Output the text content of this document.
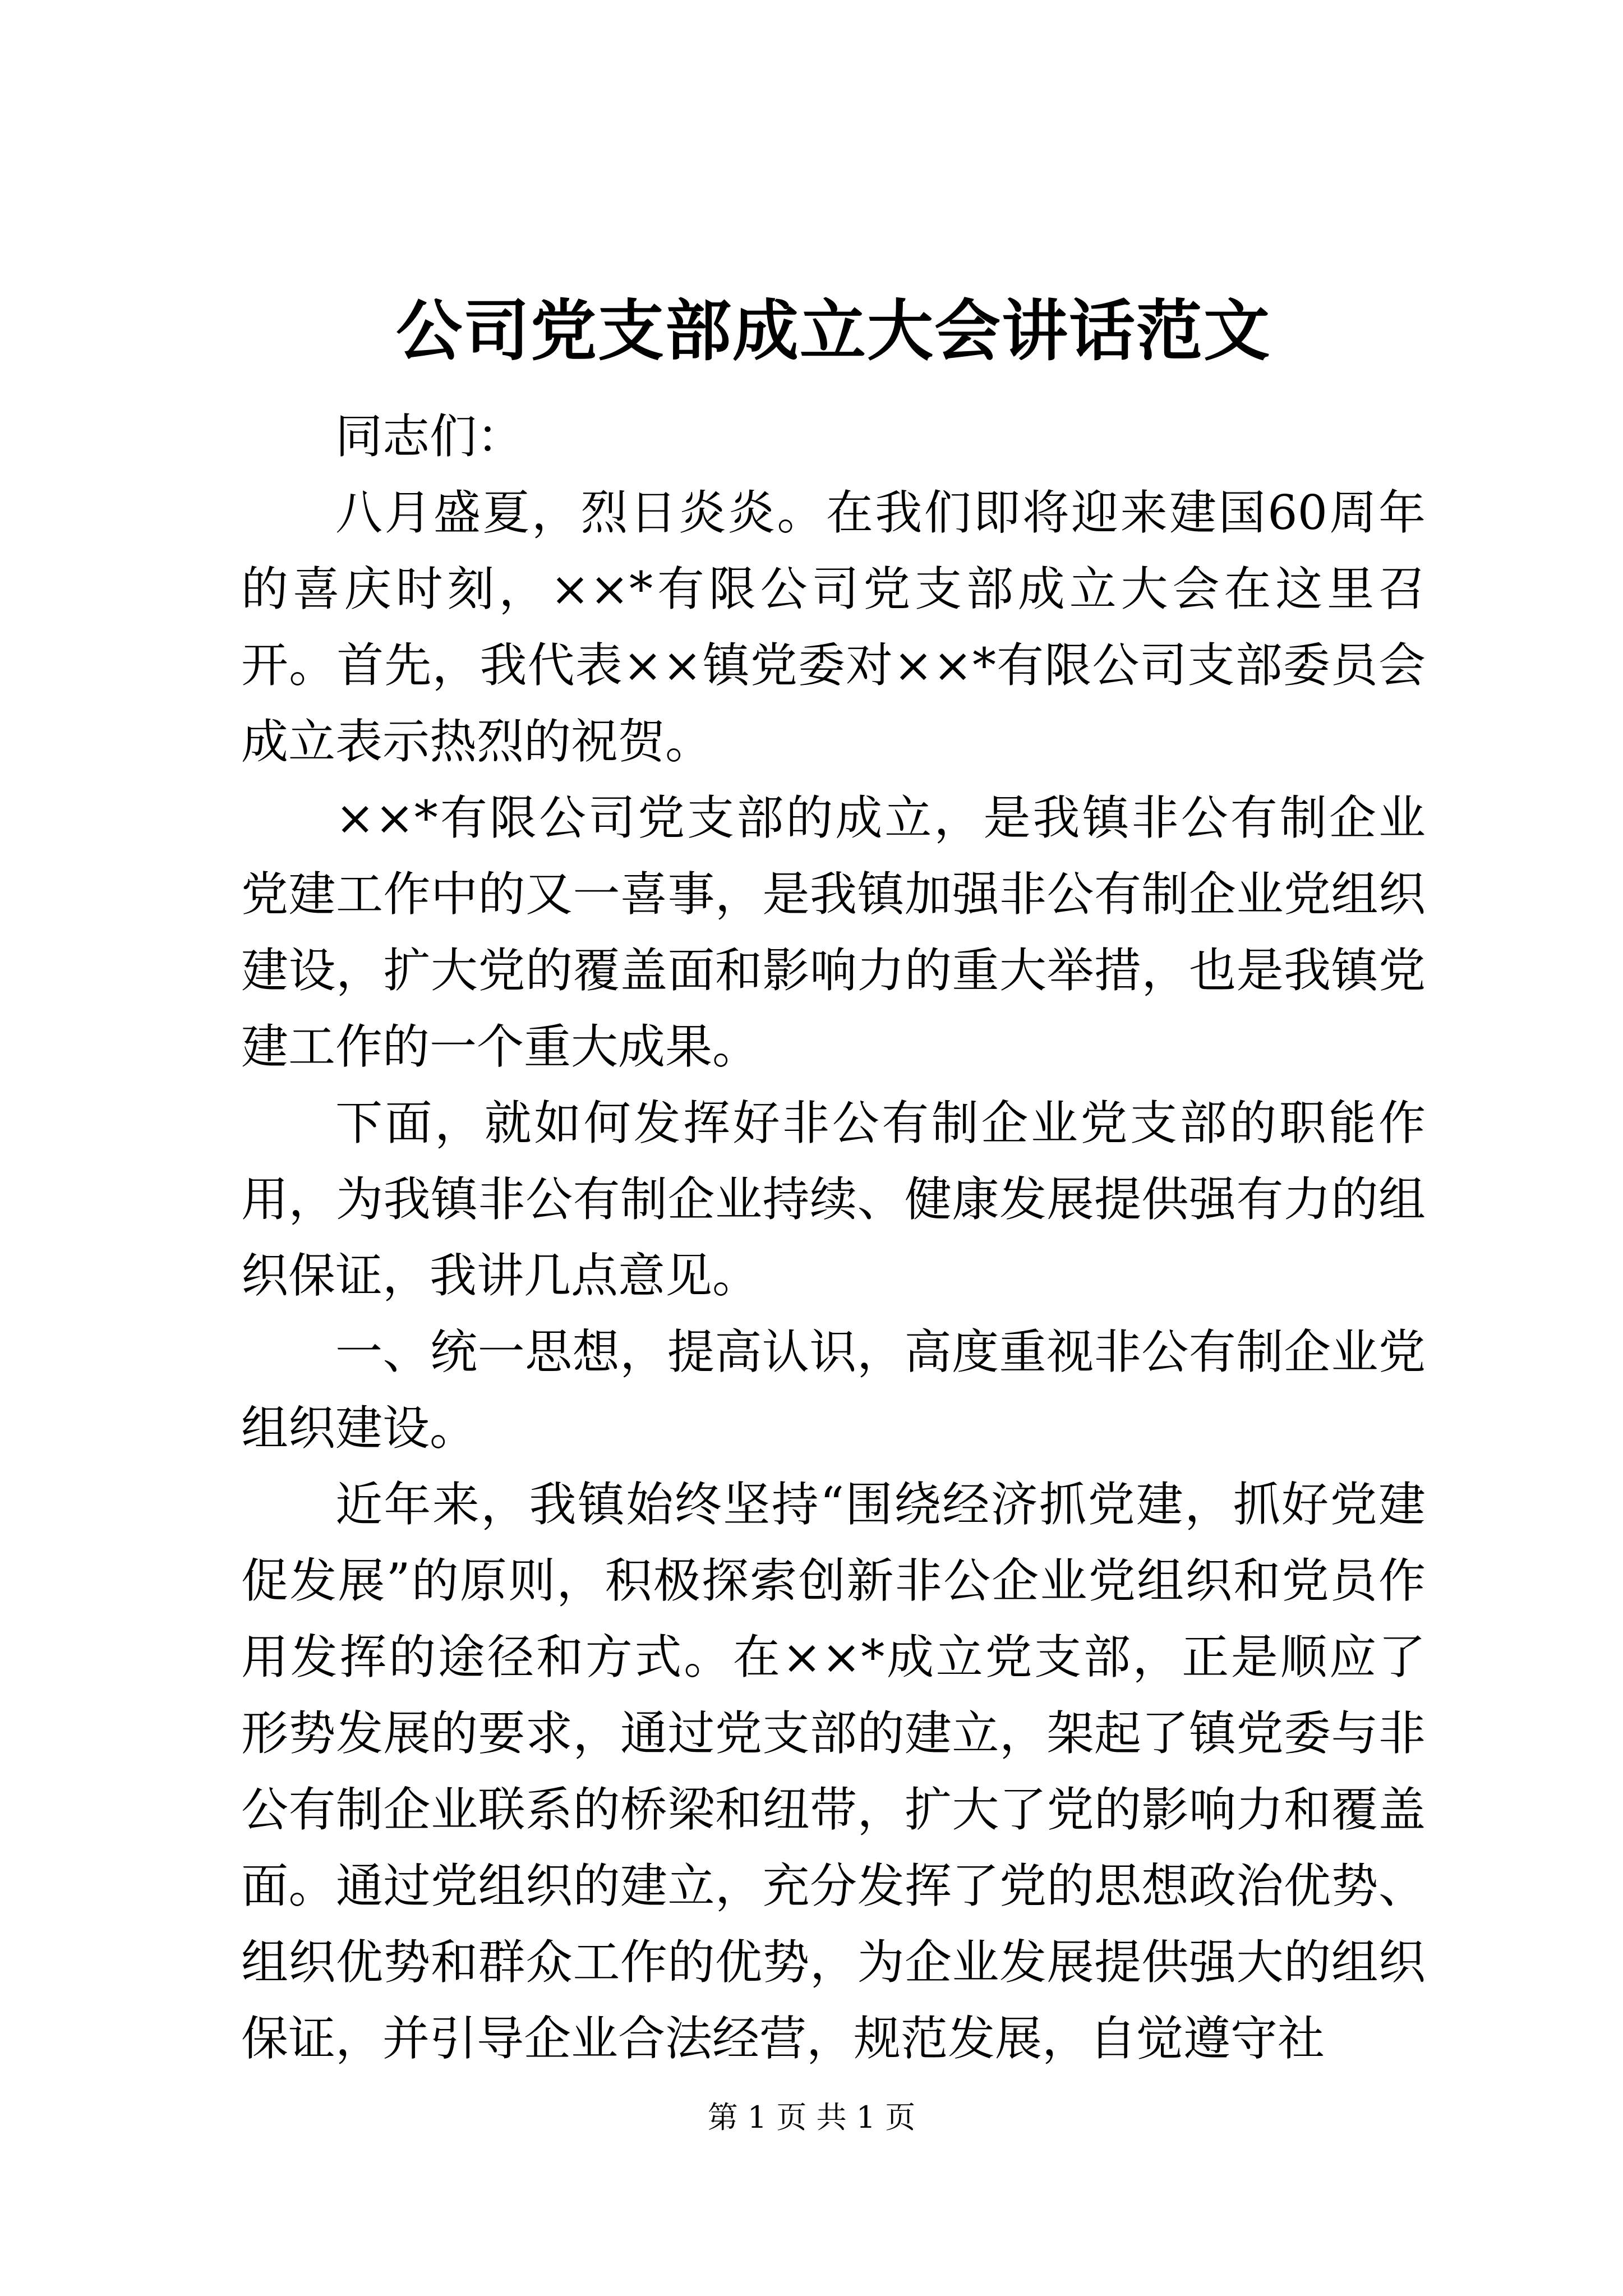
公司党支部成立大会讲话范文

同志们：

八月盛夏，烈日炎炎。在我们即将迎来建国60周年的喜庆时刻，××*有限公司党支部成立大会在这里召开。首先，我代表××镇党委对××*有限公司支部委员会成立表示热烈的祝贺。

××*有限公司党支部的成立，是我镇非公有制企业党建工作中的又一喜事，是我镇加强非公有制企业党组织建设，扩大党的覆盖面和影响力的重大举措，也是我镇党建工作的一个重大成果。

下面，就如何发挥好非公有制企业党支部的职能作用，为我镇非公有制企业持续、健康发展提供强有力的组织保证，我讲几点意见。

一、统一思想，提高认识，高度重视非公有制企业党组织建设。

近年来，我镇始终坚持“围绕经济抓党建，抓好党建促发展”的原则，积极探索创新非公企业党组织和党员作用发挥的途径和方式。在××*成立党支部，正是顺应了形势发展的要求，通过党支部的建立，架起了镇党委与非公有制企业联系的桥梁和纽带，扩大了党的影响力和覆盖面。通过党组织的建立，充分发挥了党的思想政治优势、组织优势和群众工作的优势，为企业发展提供强大的组织保证，并引导企业合法经营，规范发展，自觉遵守社

第 1 页 共 1 页
